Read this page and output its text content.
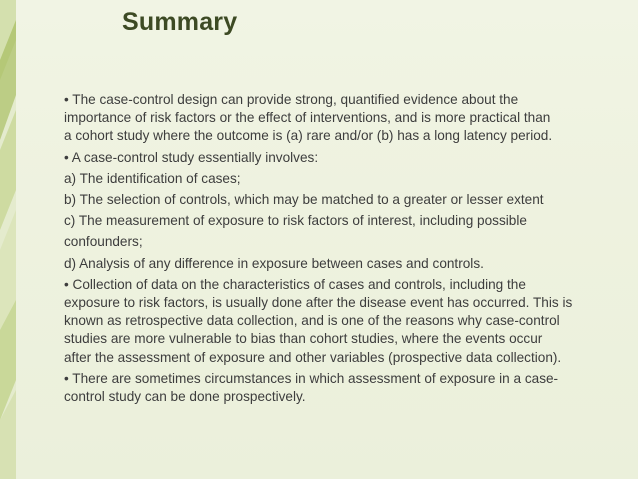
Summary

• The case-control design can provide strong, quantified evidence about the

importance of risk factors or the effect of interventions, and is more practical than

a cohort study where the outcome is (a) rare and/or (b) has a long latency period.

• A case-control study essentially involves:

a) The identification of cases;

b) The selection of controls, which may be matched to a greater or lesser extent

c) The measurement of exposure to risk factors of interest, including possible

confounders;

d) Analysis of any difference in exposure between cases and controls.

• Collection of data on the characteristics of cases and controls, including the

exposure to risk factors, is usually done after the disease event has occurred. This is

known as retrospective data collection, and is one of the reasons why case-control

studies are more vulnerable to bias than cohort studies, where the events occur

after the assessment of exposure and other variables (prospective data collection).

• There are sometimes circumstances in which assessment of exposure in a case-

control study can be done prospectively.
